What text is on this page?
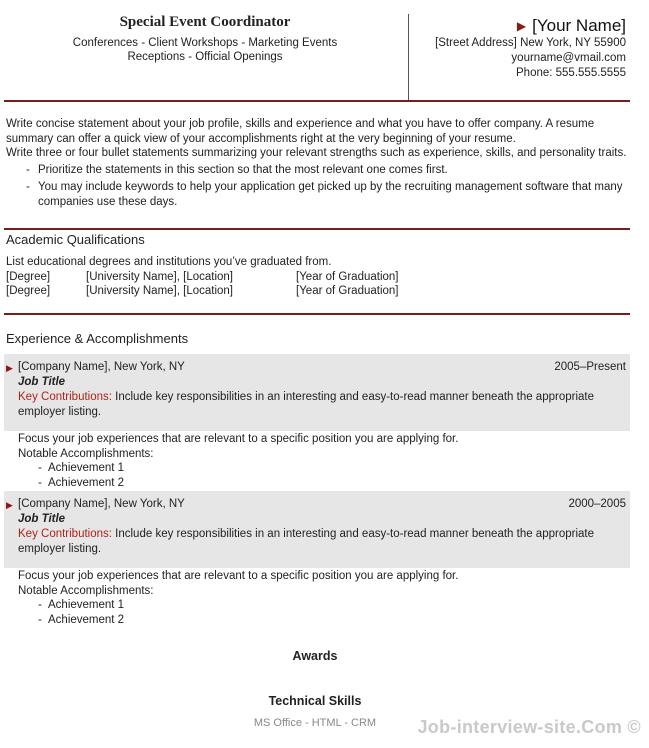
Special Event Coordinator
Conferences - Client Workshops - Marketing Events
Receptions - Official Openings
▶ [Your Name]
[Street Address] New York, NY 55900
yourname@vmail.com
Phone: 555.555.5555
Write concise statement about your job profile, skills and experience and what you have to offer company. A resume summary can offer a quick view of your accomplishments right at the very beginning of your resume.
Write three or four bullet statements summarizing your relevant strengths such as experience, skills, and personality traits.
- Prioritize the statements in this section so that the most relevant one comes first.
- You may include keywords to help your application get picked up by the recruiting management software that many companies use these days.
Academic Qualifications
List educational degrees and institutions you’ve graduated from.
[Degree]	[University Name], [Location]	[Year of Graduation]
[Degree]	[University Name], [Location]	[Year of Graduation]
Experience & Accomplishments
▶ [Company Name], New York, NY	2005–Present
Job Title
Key Contributions: Include key responsibilities in an interesting and easy-to-read manner beneath the appropriate employer listing.
Focus your job experiences that are relevant to a specific position you are applying for.
Notable Accomplishments:
- Achievement 1
- Achievement 2
▶ [Company Name], New York, NY	2000–2005
Job Title
Key Contributions: Include key responsibilities in an interesting and easy-to-read manner beneath the appropriate employer listing.
Focus your job experiences that are relevant to a specific position you are applying for.
Notable Accomplishments:
- Achievement 1
- Achievement 2
Awards
Technical Skills
MS Office - HTML - CRM	Job-interview-site.Com ©
